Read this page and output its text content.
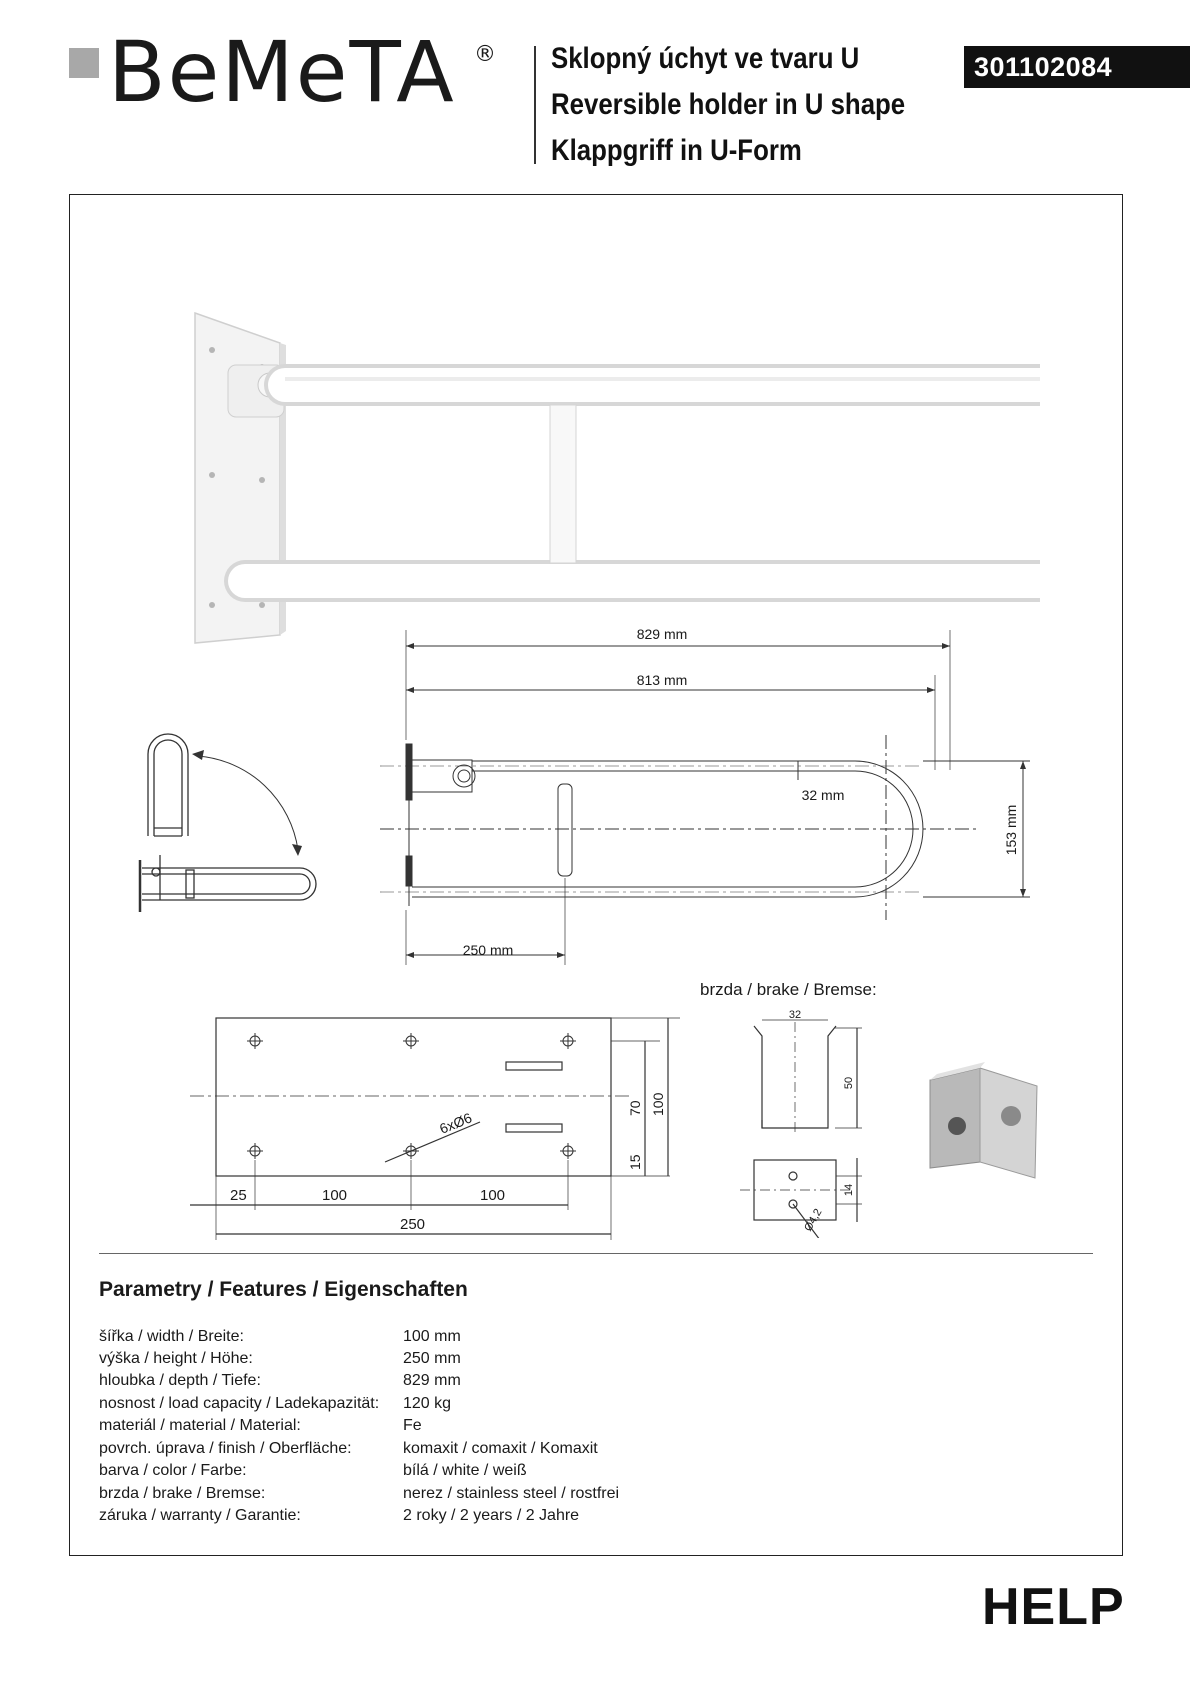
BeMeTA ® Sklopný úchyt ve tvaru U
Reversible holder in U shape
Klappgriff in U-Form
301102084
829 mm
813 mm
32 mm
153 mm
250 mm
25	100	100
250
70 100
15
6xØ6
brzda / brake / Bremse:
32
50
14
Ø4,2
Parametry / Features / Eigenschaften
šířka / width / Breite:	100 mm
výška / height / Höhe:	250 mm
hloubka / depth / Tiefe:	829 mm
nosnost / load capacity / Ladekapazität: 120 kg
materiál / material / Material:	Fe
povrch. úprava / finish / Oberfläche:	komaxit / comaxit / Komaxit
barva / color / Farbe:	bílá / white / weiß
brzda / brake / Bremse:	nerez / stainless steel / rostfrei
záruka / warranty / Garantie:	2 roky / 2 years / 2 Jahre
HELP
